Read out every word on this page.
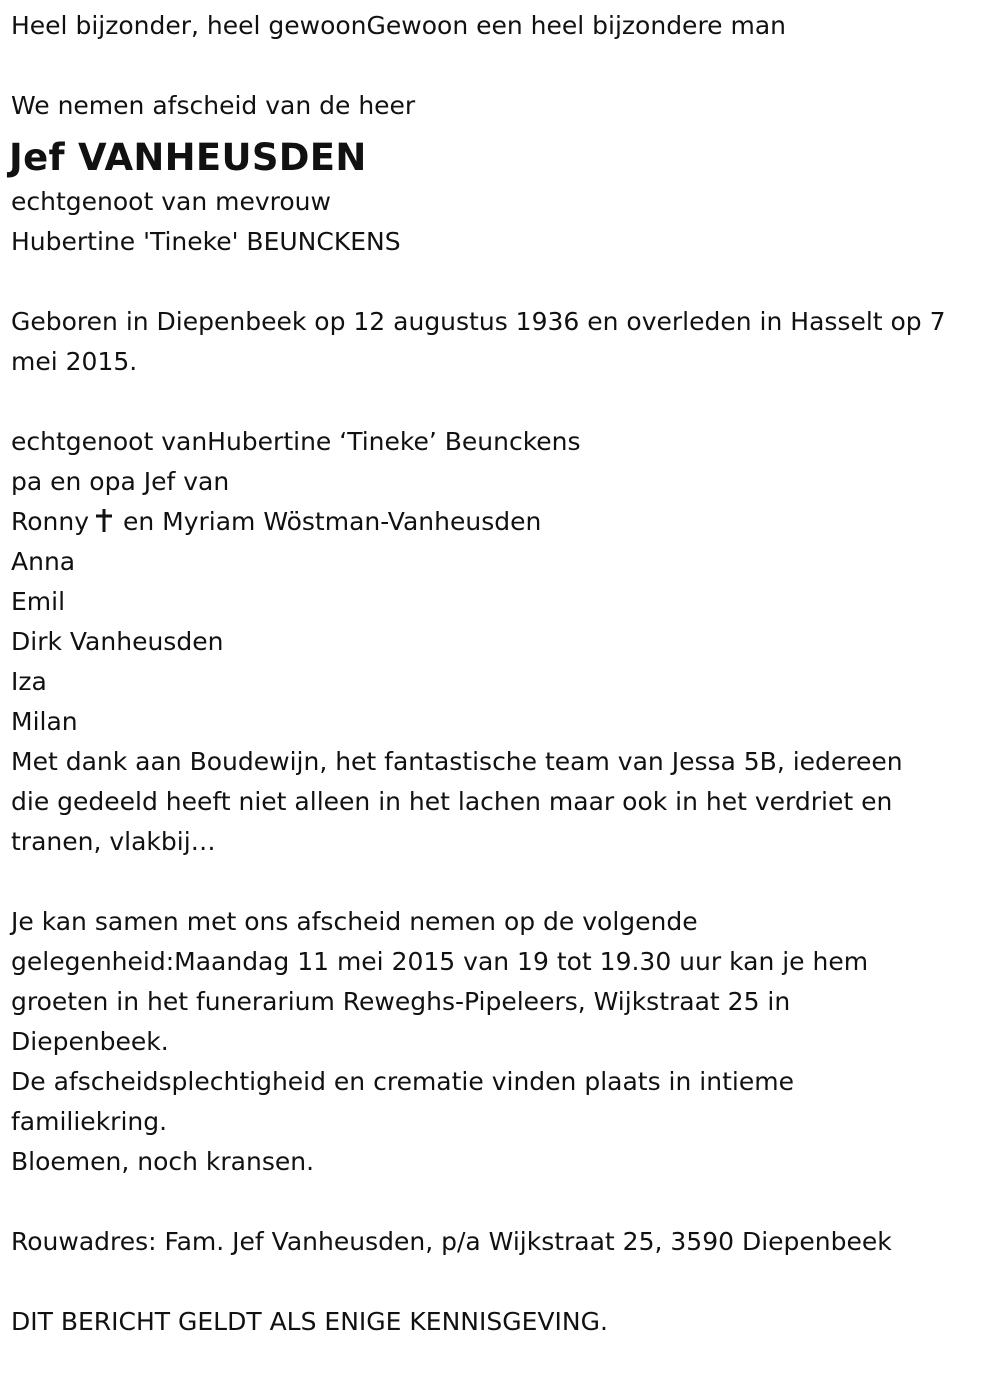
Heel bijzonder, heel gewoonGewoon een heel bijzondere man
We nemen afscheid van de heer
Jef VANHEUSDEN
echtgenoot van mevrouw
Hubertine 'Tineke' BEUNCKENS
Geboren in Diepenbeek op 12 augustus 1936 en overleden in Hasselt op 7
mei 2015.
echtgenoot vanHubertine ‘Tineke’ Beunckens
pa en opa Jef van
Ronny
en Myriam Wöstman-Vanheusden
Anna
Emil
Dirk Vanheusden
Iza
Milan
Met dank aan Boudewijn, het fantastische team van Jessa 5B, iedereen
die gedeeld heeft niet alleen in het lachen maar ook in het verdriet en
tranen, vlakbij…
Je kan samen met ons afscheid nemen op de volgende
gelegenheid:Maandag 11 mei 2015 van 19 tot 19.30 uur kan je hem
groeten in het funerarium Reweghs-Pipeleers, Wijkstraat 25 in
Diepenbeek.
De afscheidsplechtigheid en crematie vinden plaats in intieme
familiekring.
Bloemen, noch kransen.
Rouwadres: Fam. Jef Vanheusden, p/a Wijkstraat 25, 3590 Diepenbeek
DIT BERICHT GELDT ALS ENIGE KENNISGEVING.
